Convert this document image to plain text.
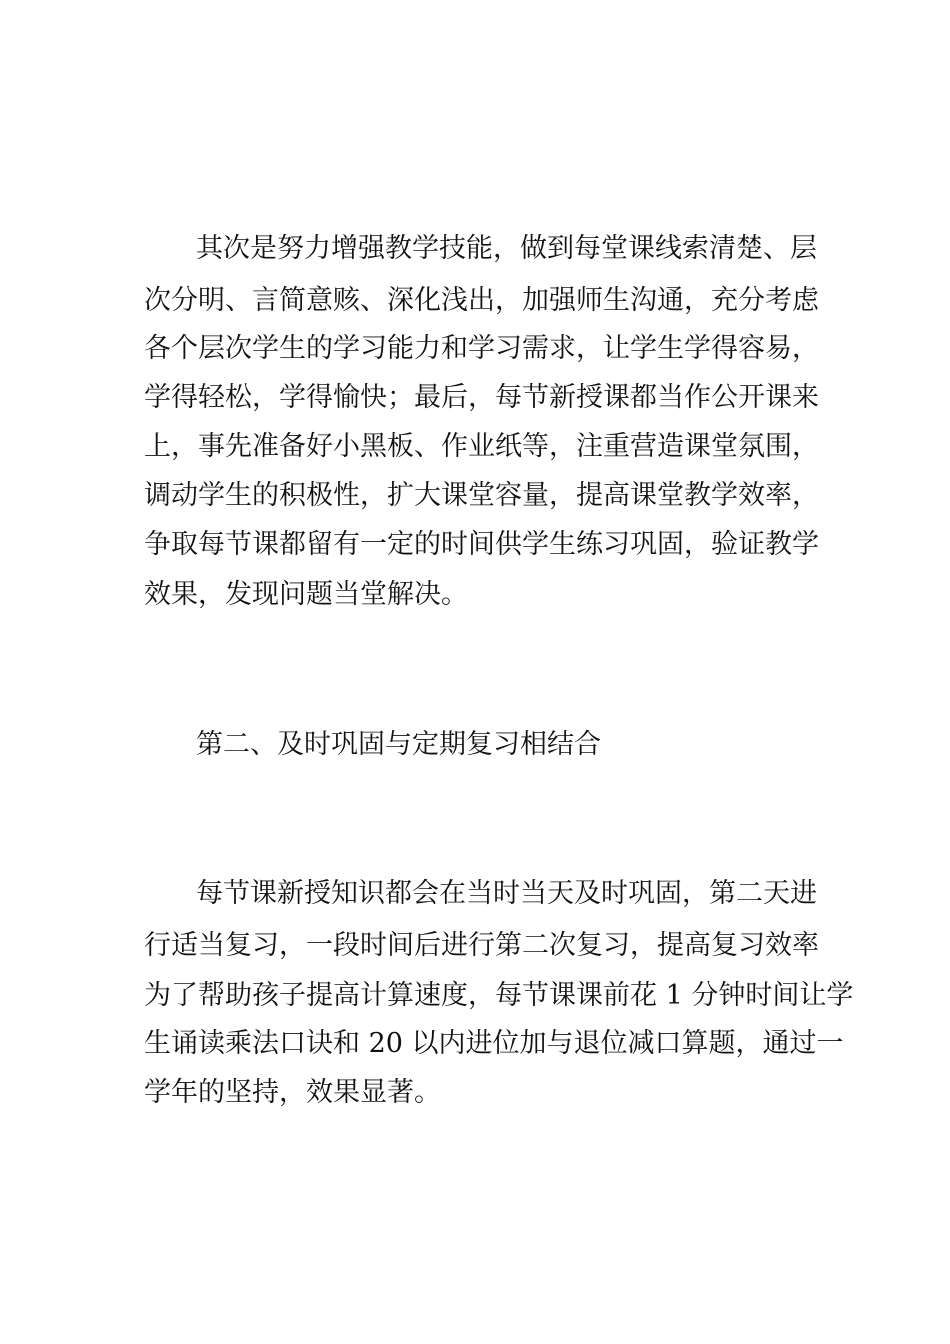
其次是努力增强教学技能，做到每堂课线索清楚、层

次分明、言简意赅、深化浅出，加强师生沟通，充分考虑

各个层次学生的学习能力和学习需求，让学生学得容易，

学得轻松，学得愉快；最后，每节新授课都当作公开课来

上，事先准备好小黑板、作业纸等，注重营造课堂氛围，

调动学生的积极性，扩大课堂容量，提高课堂教学效率，

争取每节课都留有一定的时间供学生练习巩固，验证教学

效果，发现问题当堂解决。

第二、及时巩固与定期复习相结合

每节课新授知识都会在当时当天及时巩固，第二天进

行适当复习，一段时间后进行第二次复习，提高复习效率

为了帮助孩子提高计算速度，每节课课前花 1 分钟时间让学

生诵读乘法口诀和 20 以内进位加与退位减口算题，通过一

学年的坚持，效果显著。
